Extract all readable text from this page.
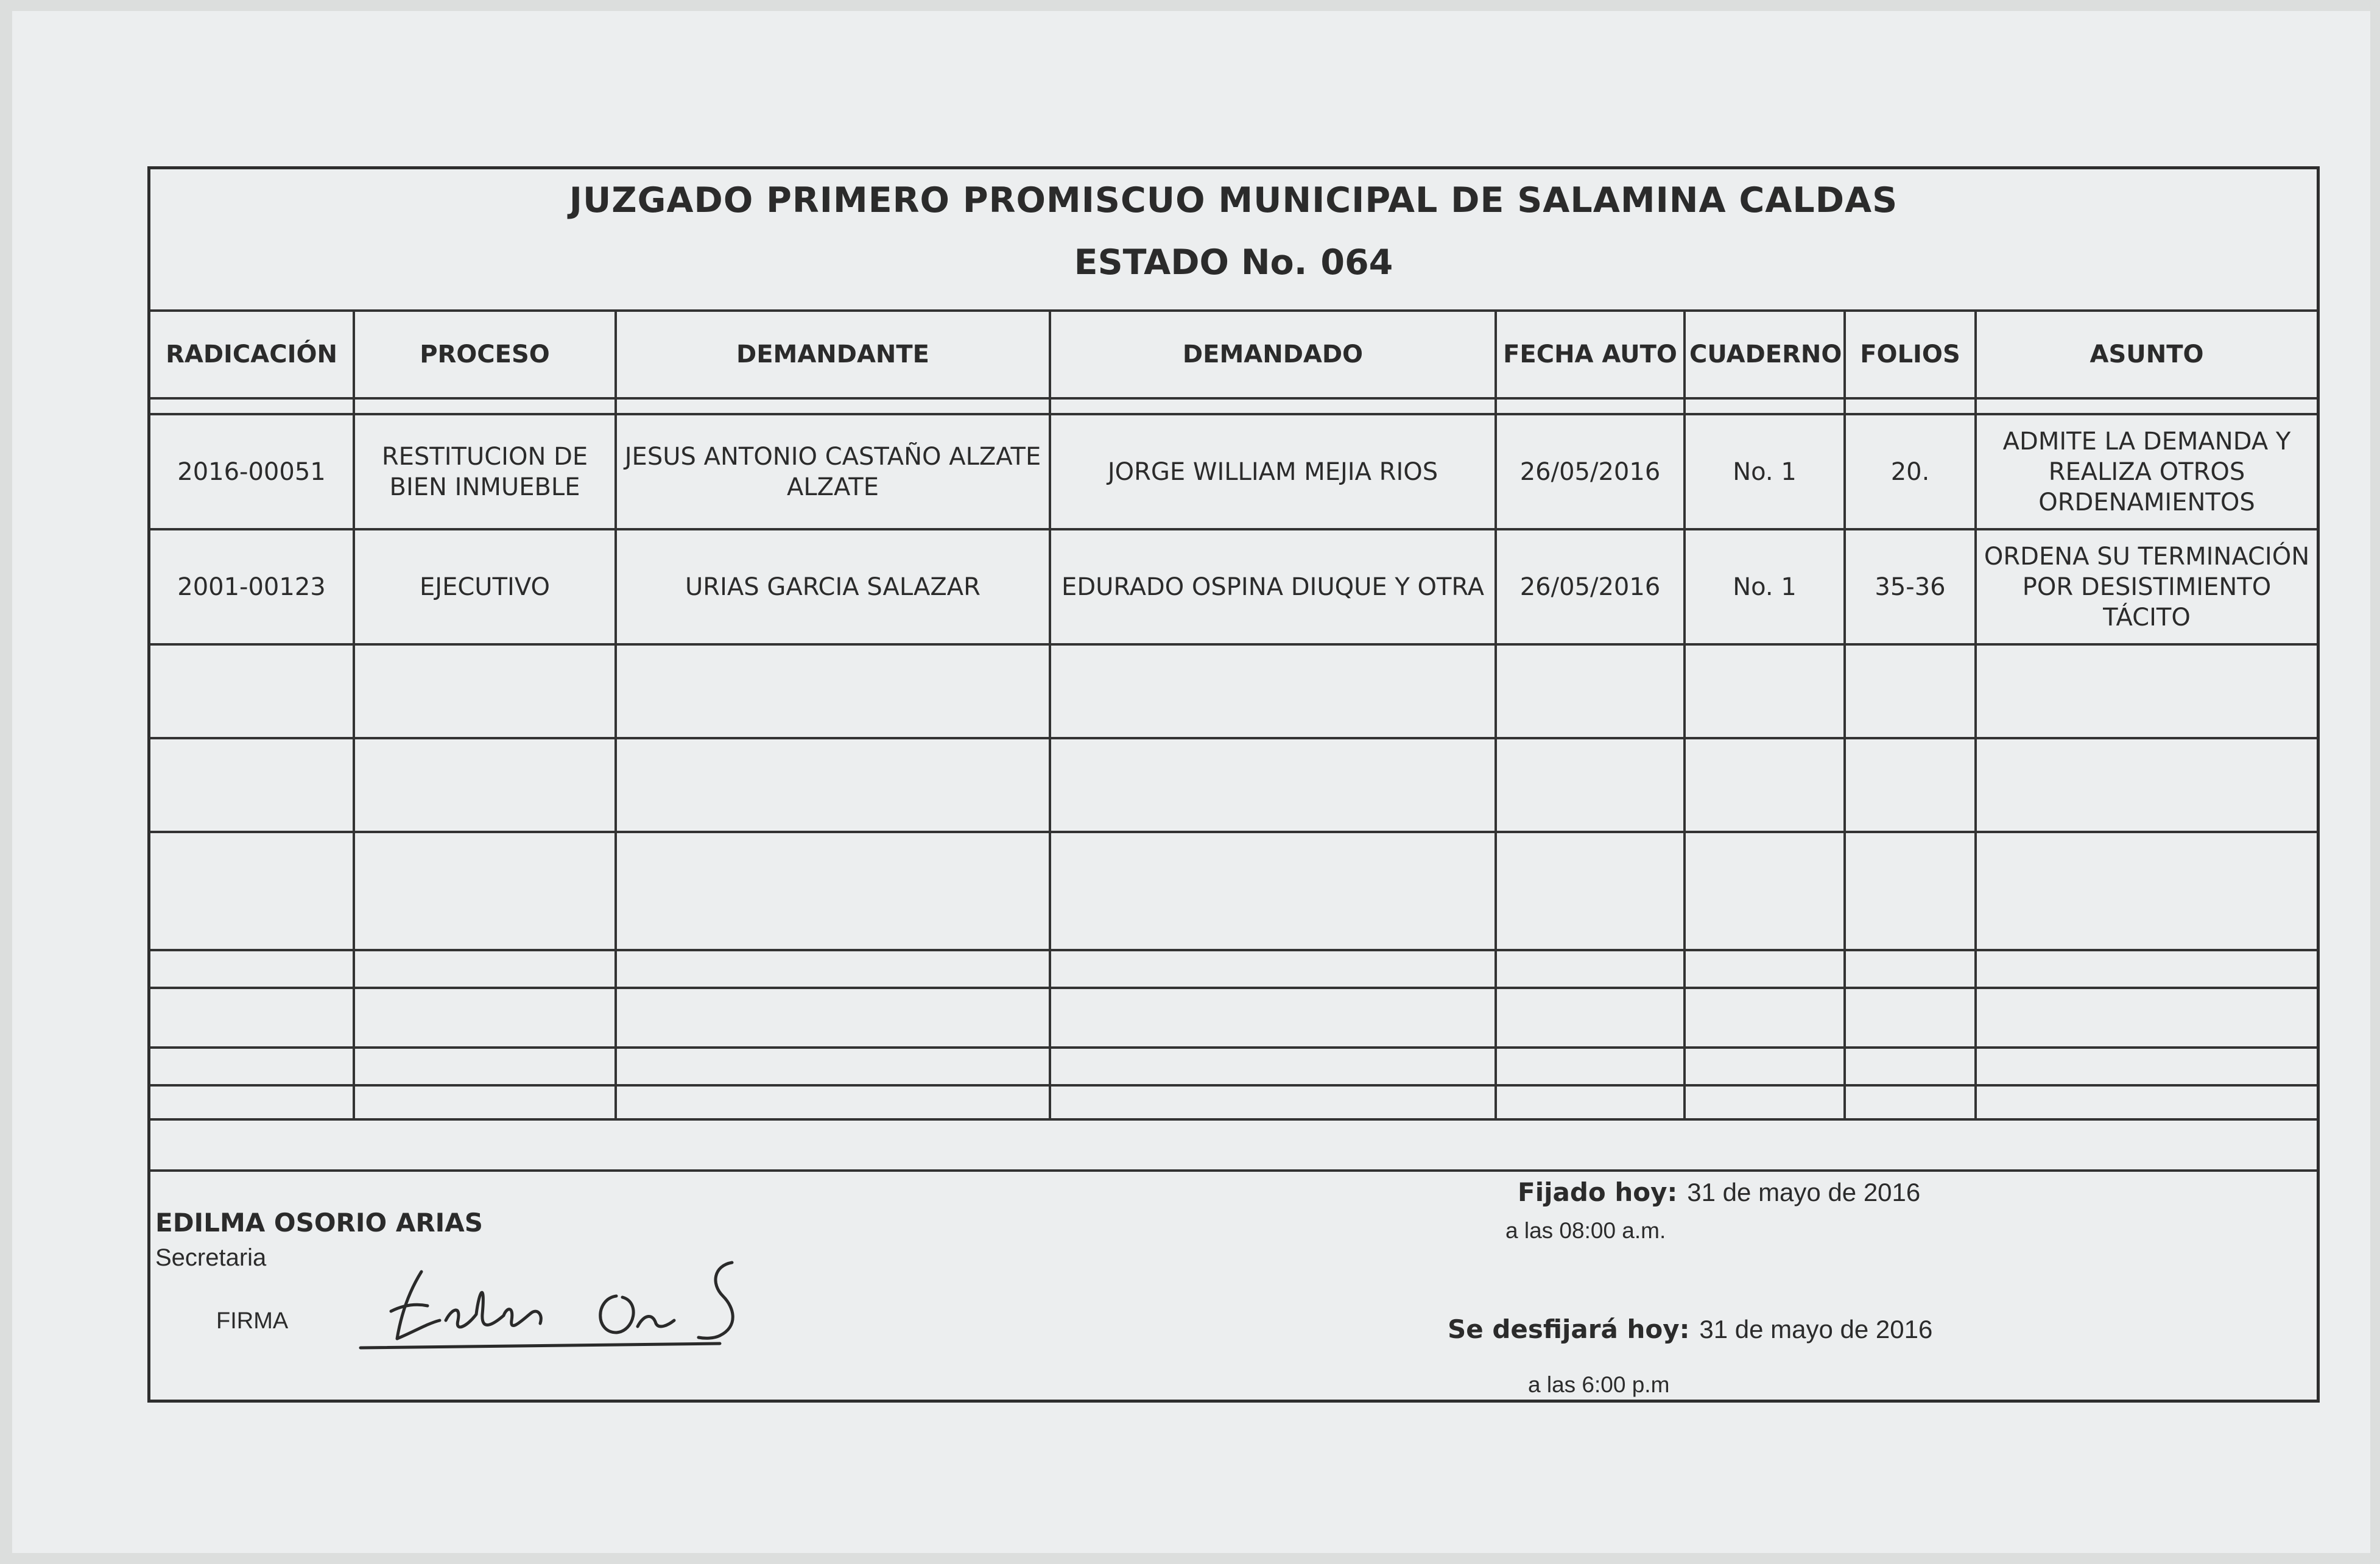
JUZGADO PRIMERO PROMISCUO MUNICIPAL DE SALAMINA CALDAS
ESTADO No. 064
RADICACIÓN	PROCESO	DEMANDANTE	DEMANDADO	FECHA AUTO	CUADERNO	FOLIOS	ASUNTO

2016-00051	RESTITUCION DE BIEN INMUEBLE	JESUS ANTONIO CASTAÑO ALZATE ALZATE	JORGE WILLIAM MEJIA RIOS	26/05/2016	No. 1	20.	ADMITE LA DEMANDA Y REALIZA OTROS ORDENAMIENTOS
2001-00123	EJECUTIVO	URIAS GARCIA SALAZAR	EDURADO OSPINA DIUQUE Y OTRA	26/05/2016	No. 1	35-36	ORDENA SU TERMINACIÓN POR DESISTIMIENTO TÁCITO

EDILMA OSORIO ARIAS
Secretaria
FIRMA
Fijado hoy: 31 de mayo de 2016
a las 08:00 a.m.
Se desfijará hoy: 31 de mayo de 2016
a las 6:00 p.m
